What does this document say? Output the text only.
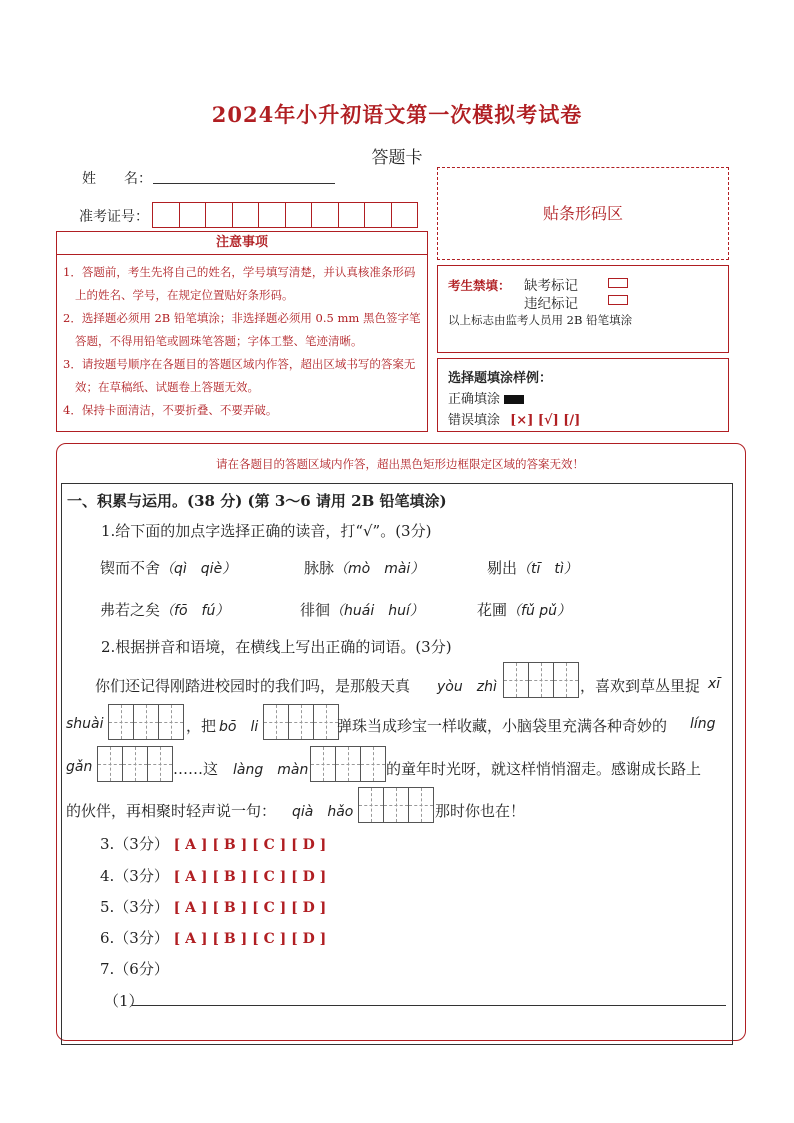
2024年小升初语文第一次模拟考试卷
答题卡
姓　　名：
准考证号：
注意事项

1．答题前，考生先将自己的姓名，学号填写清楚，并认真核准条形码上的姓名、学号，在规定位置贴好条形码。

2．选择题必须用 2B 铅笔填涂；非选择题必须用 0.5 mm 黑色签字笔答题，不得用铅笔或圆珠笔答题；字体工整、笔迹清晰。

3．请按题号顺序在各题目的答题区域内作答，超出区域书写的答案无效；在草稿纸、试题卷上答题无效。

4．保持卡面清洁，不要折叠、不要弄破。

贴条形码区
考生禁填： 缺考标记
违纪标记
以上标志由监考人员用 2B 铅笔填涂
选择题填涂样例：
正确填涂
错误填涂 [×] [√] [/]
请在各题目的答题区域内作答，超出黑色矩形边框限定区域的答案无效！
一、积累与运用。(38 分) (第 3～6 请用 2B 铅笔填涂)
1.给下面的加点字选择正确的读音，打“√”。(3分)
锲而不舍（qì　qiè）	脉脉（mò　mài）	剔出（tī　tì）
弗若之矣（fō　fú）	徘徊（huái　huí）	花圃（fǔ pǔ）
2.根据拼音和语境，在横线上写出正确的词语。(3分)
你们还记得刚踏进校园时的我们吗，是那般天真 yòu　zhì	，喜欢到草丛里捉 xī
shuài	，把 bō　li	弹珠当成珍宝一样收藏，小脑袋里充满各种奇妙的 líng
gǎn	……这 làng　màn	的童年时光呀，就这样悄悄溜走。感谢成长路上
的伙伴，再相聚时轻声说一句： qià　hǎo	那时你也在！
3.（3分） [ A ] [ B ] [ C ] [ D ]
4.（3分） [ A ] [ B ] [ C ] [ D ]
5.（3分） [ A ] [ B ] [ C ] [ D ]
6.（3分） [ A ] [ B ] [ C ] [ D ]
7.（6分）
（1）
